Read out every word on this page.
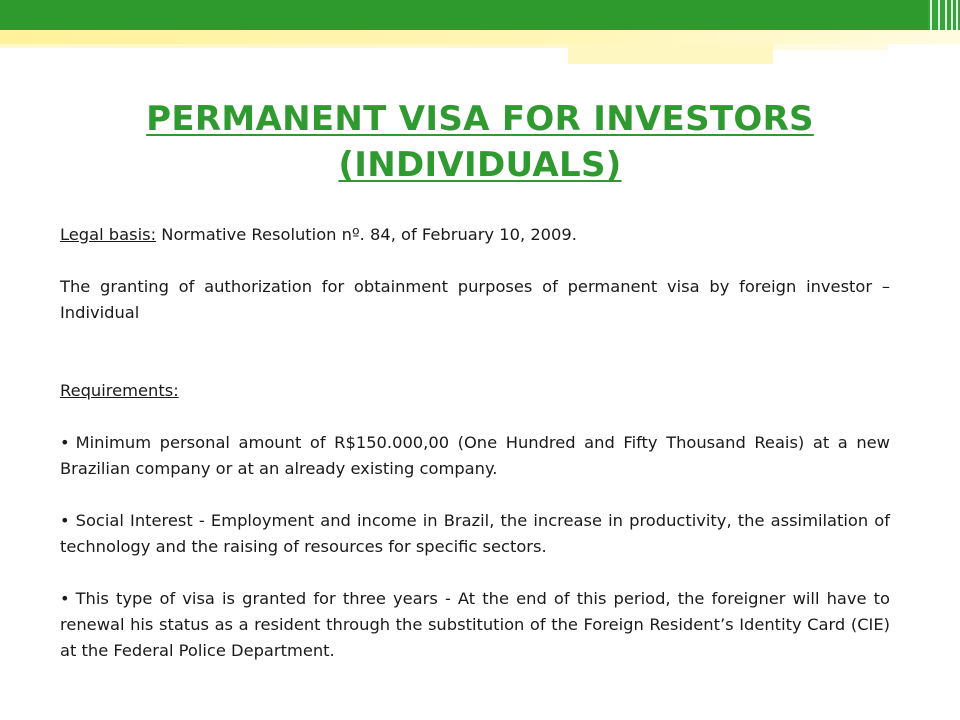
PERMANENT VISA FOR INVESTORS
(INDIVIDUALS)

Legal basis: Normative Resolution nº. 84, of February 10, 2009.

The granting of authorization for obtainment purposes of permanent visa by foreign investor – Individual

Requirements:

• Minimum personal amount of R$150.000,00 (One Hundred and Fifty Thousand Reais) at a new Brazilian company or at an already existing company.

• Social Interest - Employment and income in Brazil, the increase in productivity, the assimilation of technology and the raising of resources for specific sectors.

• This type of visa is granted for three years - At the end of this period, the foreigner will have to renewal his status as a resident through the substitution of the Foreign Resident’s Identity Card (CIE) at the Federal Police Department.
